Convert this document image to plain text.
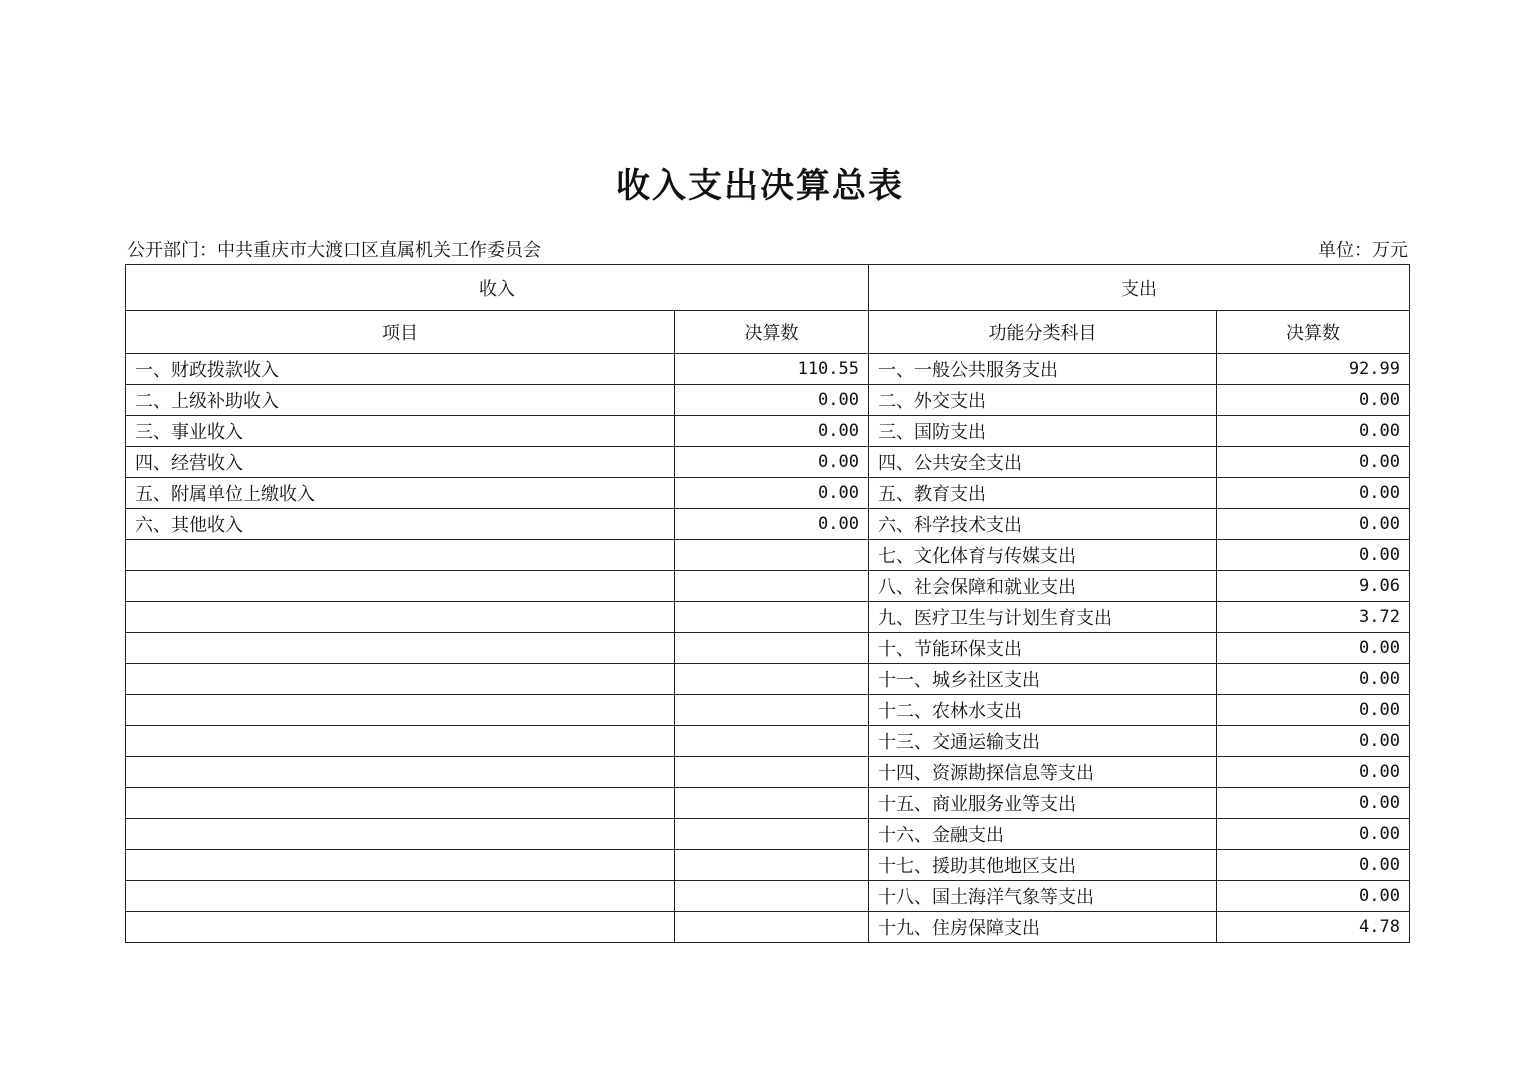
收入支出决算总表
公开部门：中共重庆市大渡口区直属机关工作委员会	单位：万元
收入		支出	
项目	决算数	功能分类科目	决算数
一、财政拨款收入	110.55	一、一般公共服务支出	92.99
二、上级补助收入	0.00	二、外交支出	0.00
三、事业收入	0.00	三、国防支出	0.00
四、经营收入	0.00	四、公共安全支出	0.00
五、附属单位上缴收入	0.00	五、教育支出	0.00
六、其他收入	0.00	六、科学技术支出	0.00
		七、文化体育与传媒支出	0.00
		八、社会保障和就业支出	9.06
		九、医疗卫生与计划生育支出	3.72
		十、节能环保支出	0.00
		十一、城乡社区支出	0.00
		十二、农林水支出	0.00
		十三、交通运输支出	0.00
		十四、资源勘探信息等支出	0.00
		十五、商业服务业等支出	0.00
		十六、金融支出	0.00
		十七、援助其他地区支出	0.00
		十八、国土海洋气象等支出	0.00
		十九、住房保障支出	4.78
